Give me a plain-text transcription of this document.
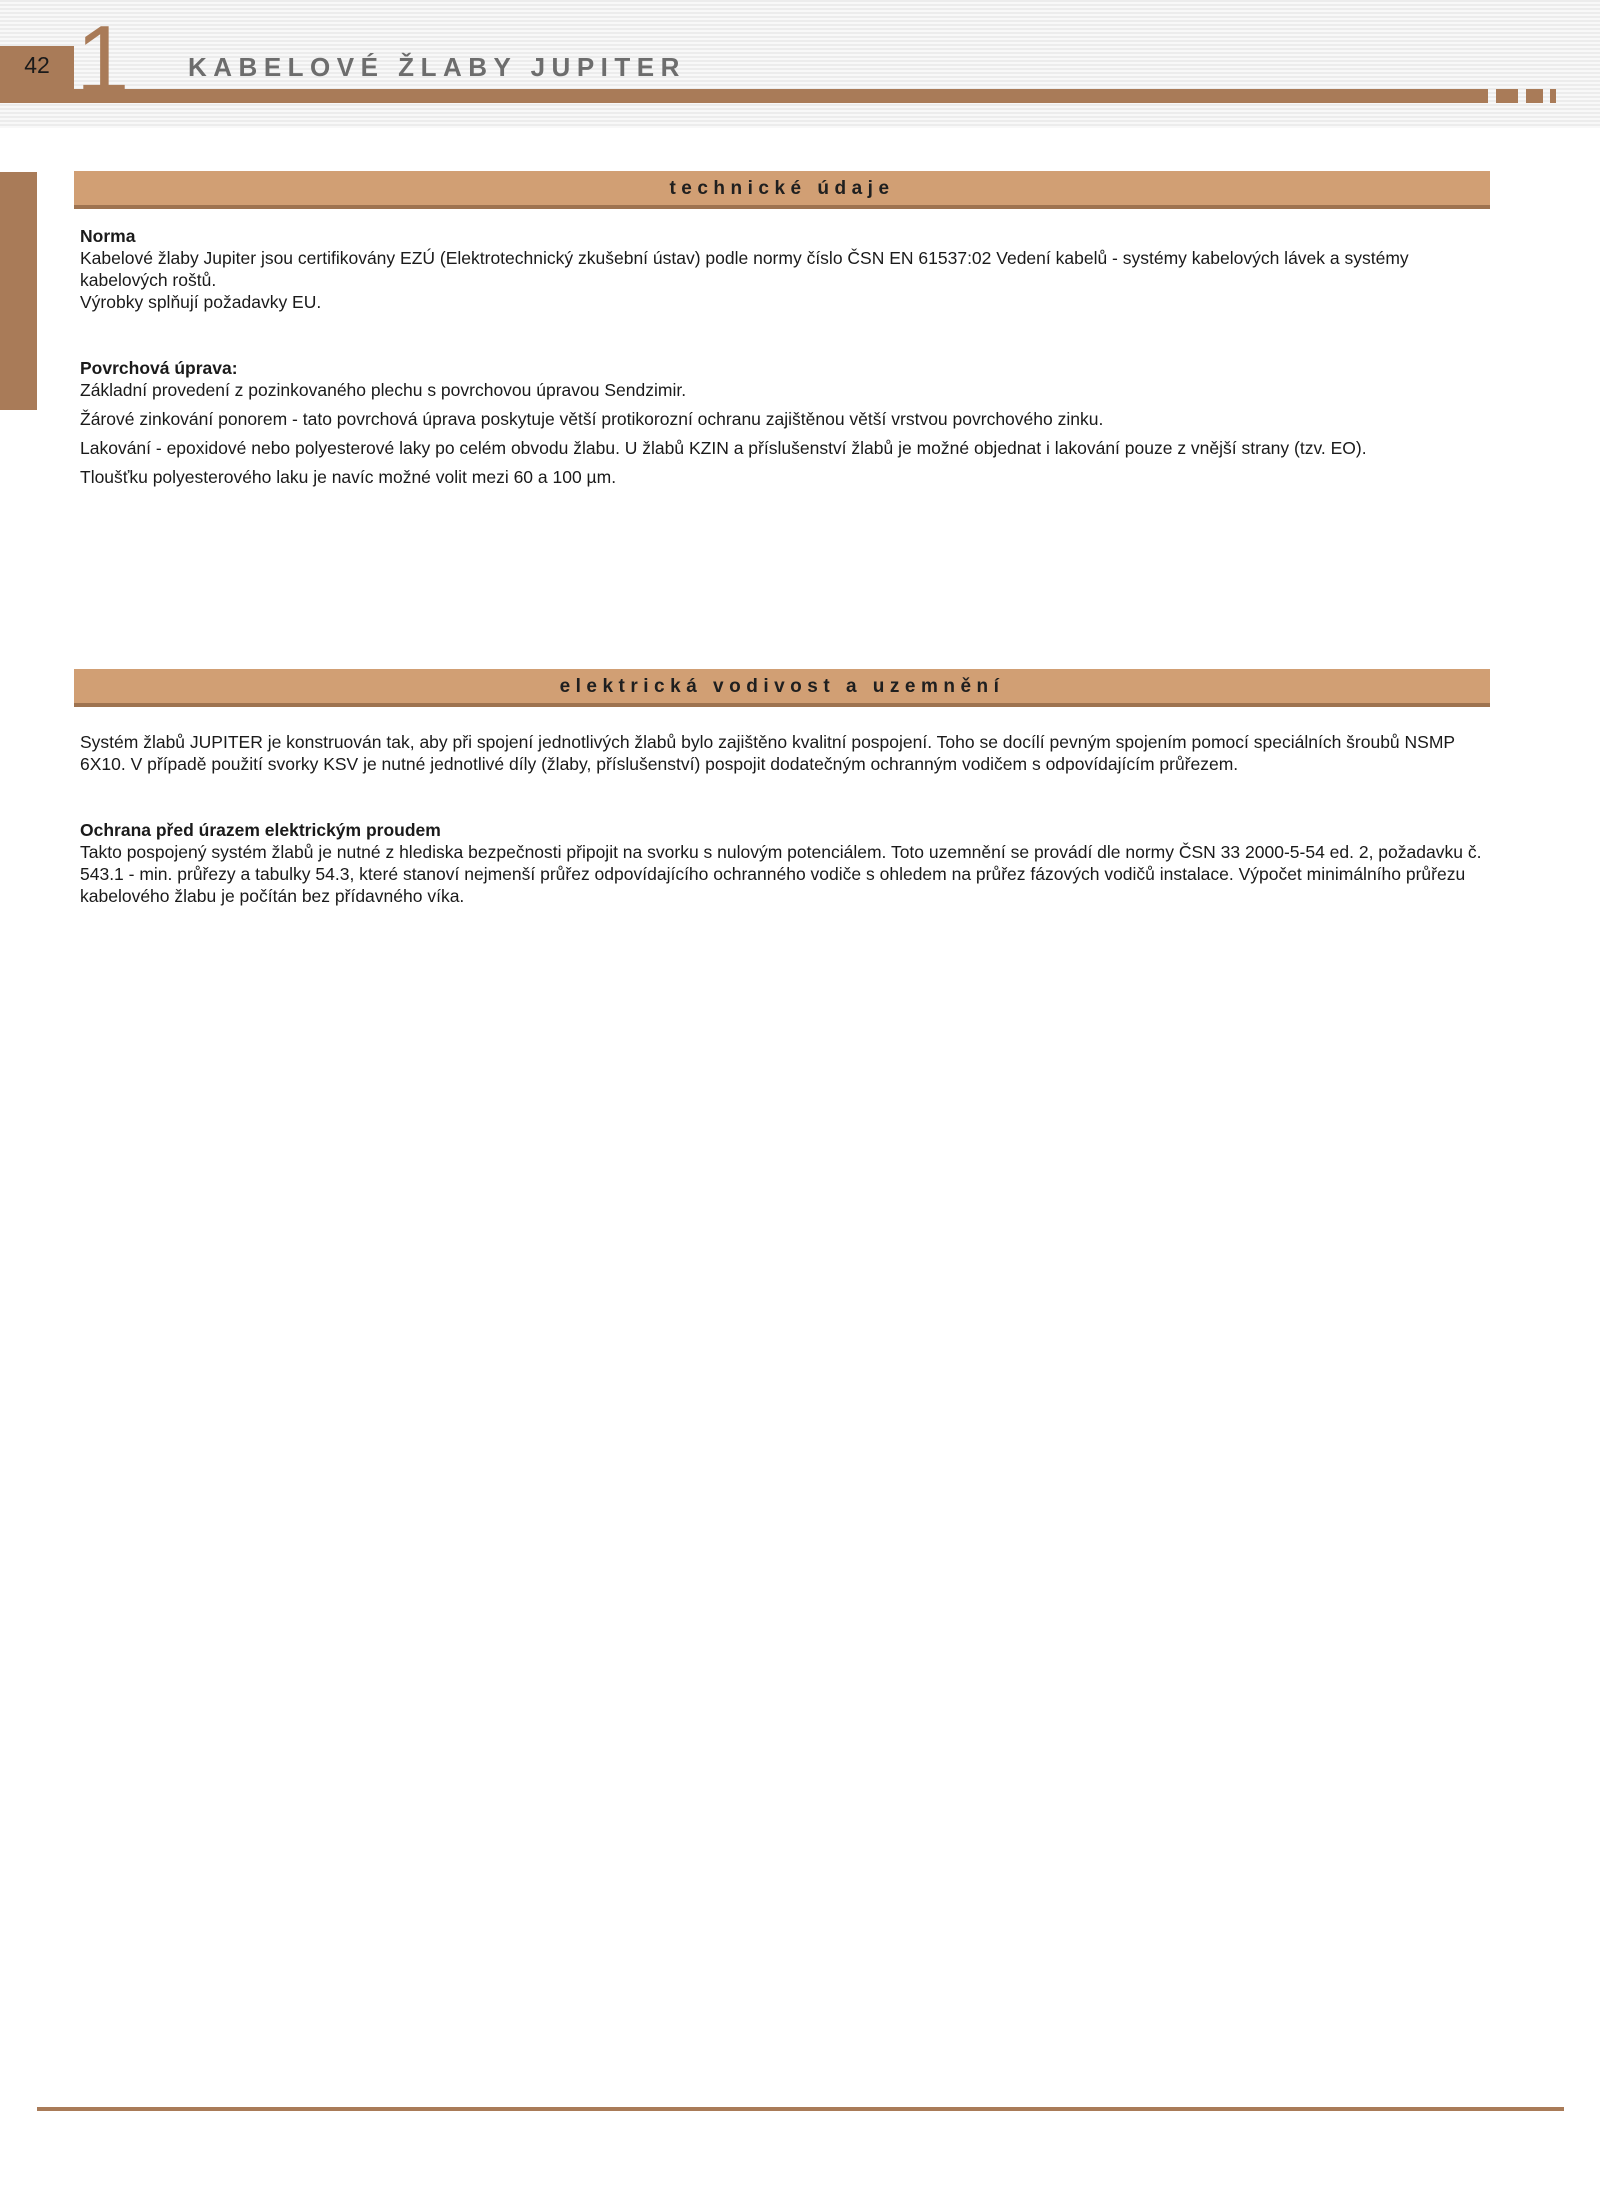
42 1 KABELOVÉ ŽLABY JUPITER
technické údaje
Norma
Kabelové žlaby Jupiter jsou certifikovány EZÚ (Elektrotechnický zkušební ústav) podle normy číslo ČSN EN 61537:02 Vedení kabelů - systémy kabelových lávek a systémy kabelových roštů.
Výrobky splňují požadavky EU.
Povrchová úprava:
Základní provedení z pozinkovaného plechu s povrchovou úpravou Sendzimir.
Žárové zinkování ponorem - tato povrchová úprava poskytuje větší protikorozní ochranu zajištěnou větší vrstvou povrchového zinku.
Lakování - epoxidové nebo polyesterové laky po celém obvodu žlabu. U žlabů KZIN a příslušenství žlabů je možné objednat i lakování pouze z vnější strany (tzv. EO).
Tloušťku polyesterového laku je navíc možné volit mezi 60 a 100 µm.
elektrická vodivost a uzemnění
Systém žlabů JUPITER je konstruován tak, aby při spojení jednotlivých žlabů bylo zajištěno kvalitní pospojení. Toho se docílí pevným spojením pomocí speciálních šroubů NSMP 6X10. V případě použití svorky KSV je nutné jednotlivé díly (žlaby, příslušenství) pospojit dodatečným ochranným vodičem s odpovídajícím průřezem.
Ochrana před úrazem elektrickým proudem
Takto pospojený systém žlabů je nutné z hlediska bezpečnosti připojit na svorku s nulovým potenciálem. Toto uzemnění se provádí dle normy ČSN 33 2000-5-54 ed. 2, požadavku č. 543.1 - min. průřezy a tabulky 54.3, které stanoví nejmenší průřez odpovídajícího ochranného vodiče s ohledem na průřez fázových vodičů instalace. Výpočet minimálního průřezu kabelového žlabu je počítán bez přídavného víka.
